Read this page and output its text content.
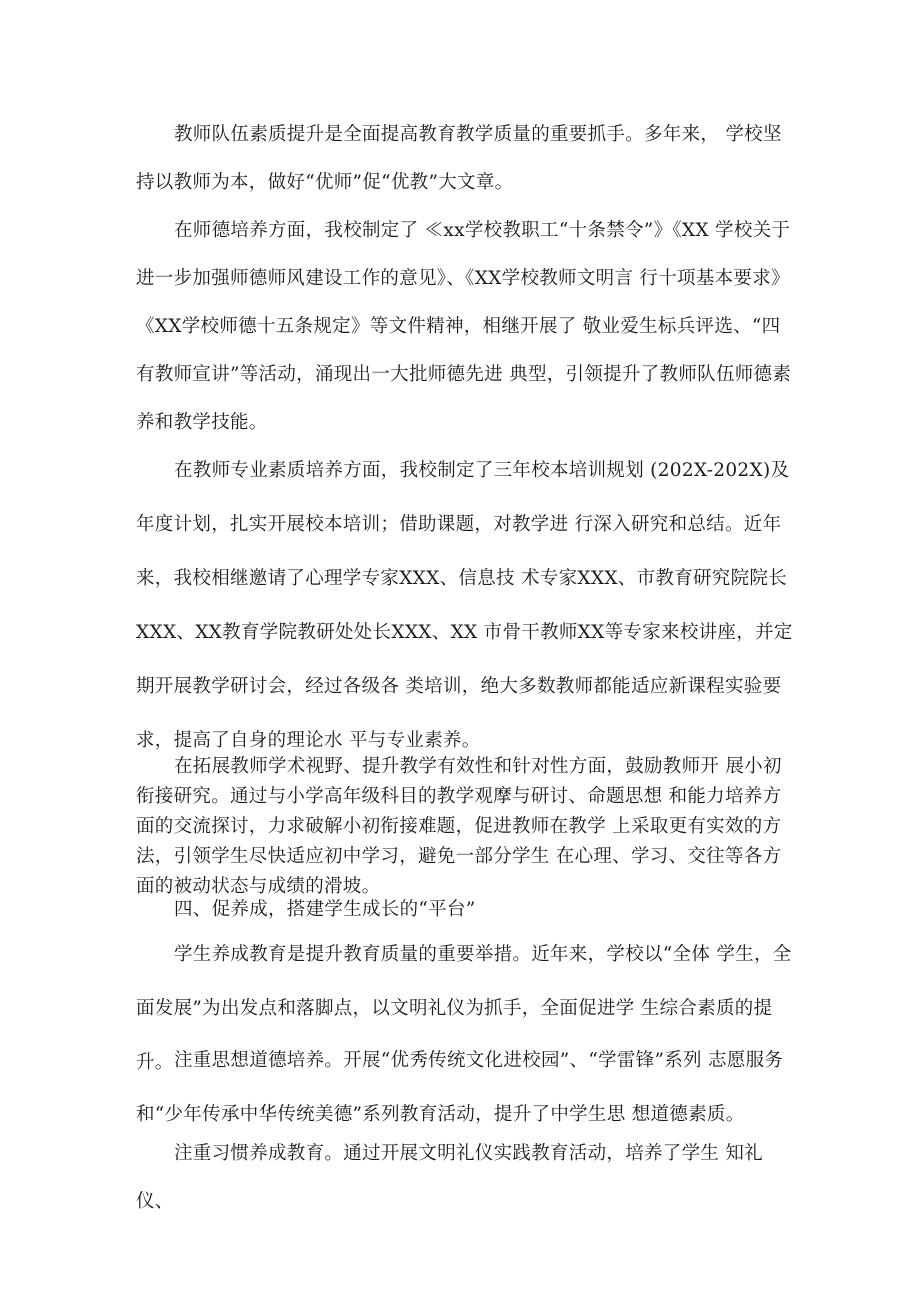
教师队伍素质提升是全面提高教育教学质量的重要抓手。多年来， 学校坚持以教师为本，做好“优师”促“优教”大文章。

在师德培养方面，我校制定了 ≪xx学校教职工“十条禁令”》《XX 学校关于进一步加强师德师风建设工作的意见》、《XX学校教师文明言 行十项基本要求》《XX学校师德十五条规定》等文件精神，相继开展了 敬业爱生标兵评选、“四有教师宣讲”等活动，涌现出一大批师德先进 典型，引领提升了教师队伍师德素养和教学技能。

在教师专业素质培养方面，我校制定了三年校本培训规划 (202X-202X)及年度计划，扎实开展校本培训；借助课题，对教学进 行深入研究和总结。近年来，我校相继邀请了心理学专家XXX、信息技 术专家XXX、市教育研究院院长XXX、XX教育学院教研处处长XXX、XX 市骨干教师XX等专家来校讲座，并定期开展教学研讨会，经过各级各 类培训，绝大多数教师都能适应新课程实验要求，提高了自身的理论水 平与专业素养。

在拓展教师学术视野、提升教学有效性和针对性方面，鼓励教师开 展小初衔接研究。通过与小学高年级科目的教学观摩与研讨、命题思想 和能力培养方面的交流探讨，力求破解小初衔接难题，促进教师在教学 上采取更有实效的方法，引领学生尽快适应初中学习，避免一部分学生 在心理、学习、交往等各方面的被动状态与成绩的滑坡。

四、促养成，搭建学生成长的“平台”

学生养成教育是提升教育质量的重要举措。近年来，学校以“全体 学生，全面发展”为出发点和落脚点，以文明礼仪为抓手，全面促进学 生综合素质的提升。 注重思想道德培养。开展“优秀传统文化进校园”、“学雷锋”系列 志愿服务和“少年传承中华传统美德”系列教育活动，提升了中学生思 想道德素质。

注重习惯养成教育。通过开展文明礼仪实践教育活动，培养了学生 知礼仪、
